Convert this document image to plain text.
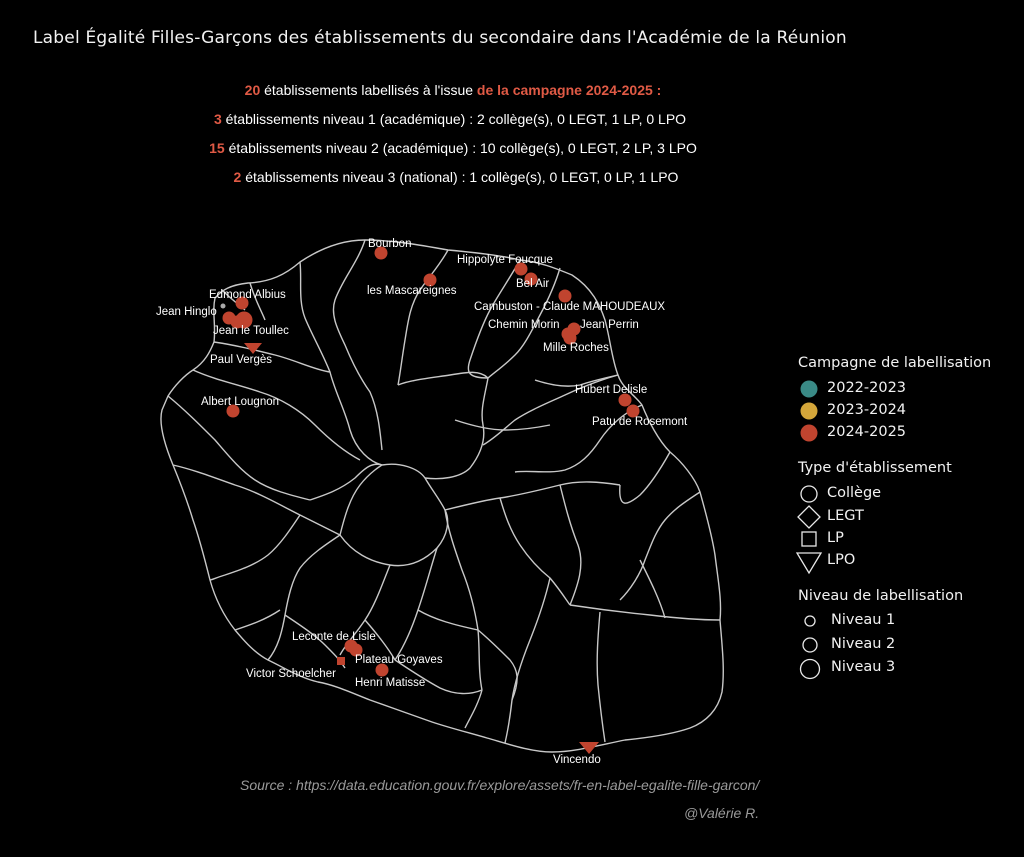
Label Égalité Filles-Garçons des établissements du secondaire dans l'Académie de la Réunion
20 établissements labellisés à l'issue de la campagne 2024-2025 :
3 établissements niveau 1 (académique) : 2 collège(s), 0 LEGT, 1 LP, 0 LPO
15 établissements niveau 2 (académique) : 10 collège(s), 0 LEGT, 2 LP, 3 LPO
2 établissements niveau 3 (national) : 1 collège(s), 0 LEGT, 0 LP, 1 LPO
Bourbon
les Mascareignes
Hippolyte Foucque
Bel Air
Cambuston - Claude MAHOUDEAUX
Chemin Morin Jean Perrin
Mille Roches
Edmond Albius
Jean Hinglo
Jean le Toullec
Paul Vergès
Albert Lougnon
Hubert Delisle
Patu de Rosemont
Leconte de Lisle
Plateau Goyaves
Victor Schoelcher
Henri Matisse
Vincendo
Campagne de labellisation
2022-2023
2023-2024
2024-2025
Type d'établissement
Collège
LEGT
LP
LPO
Niveau de labellisation
Niveau 1
Niveau 2
Niveau 3
Source : https://data.education.gouv.fr/explore/assets/fr-en-label-egalite-fille-garcon/
@Valérie R.
